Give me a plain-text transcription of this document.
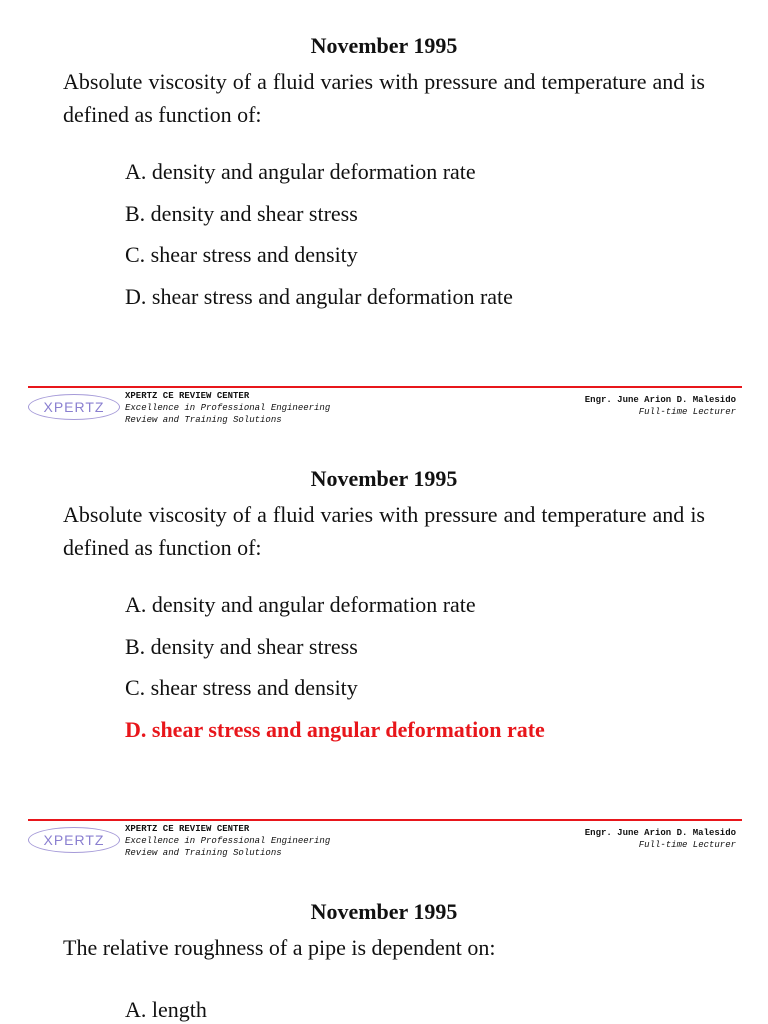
November 1995
Absolute viscosity of a fluid varies with pressure and temperature and is defined as function of:
A. density and angular deformation rate
B. density and shear stress
C. shear stress and density
D. shear stress and angular deformation rate
XPERTZ
XPERTZ CE REVIEW CENTER
Excellence in Professional Engineering
Review and Training Solutions
Engr. June Arion D. Malesido
Full-time Lecturer
November 1995
Absolute viscosity of a fluid varies with pressure and temperature and is defined as function of:
A. density and angular deformation rate
B. density and shear stress
C. shear stress and density
D. shear stress and angular deformation rate
XPERTZ
XPERTZ CE REVIEW CENTER
Excellence in Professional Engineering
Review and Training Solutions
Engr. June Arion D. Malesido
Full-time Lecturer
November 1995
The relative roughness of a pipe is dependent on:
A. length
